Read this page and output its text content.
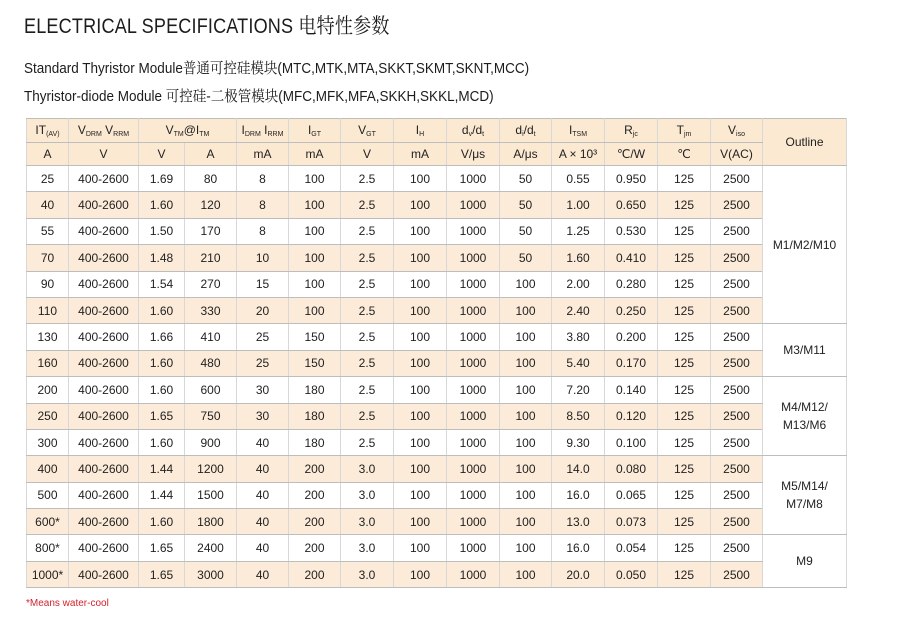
ELECTRICAL SPECIFICATIONS 电特性参数
Standard Thyristor Module普通可控硅模块(MTC,MTK,MTA,SKKT,SKMT,SKNT,MCC)
Thyristor-diode Module 可控硅-二极管模块(MFC,MFK,MFA,SKKH,SKKL,MCD)
$IT_{(AV)}$	$V_{DRM}$ $V_{RRM}$	$V_{TM}@I_{TM}$		$I_{DRM}$ $I_{RRM}$	$I_{GT}$	$V_{GT}$	$I_H$	$d_v/d_t$	$d_i/d_t$	$I_{TSM}$	$R_{jc}$	$T_{jm}$	$V_{iso}$	Outline
A	V	V	A	mA	mA	V	mA	V/μs	A/μs	A × 10³	℃/W	℃	V(AC)	
25	400-2600	1.69	80	8	100	2.5	100	1000	50	0.55	0.950	125	2500	M1/M2/M10
40	400-2600	1.60	120	8	100	2.5	100	1000	50	1.00	0.650	125	2500	
55	400-2600	1.50	170	8	100	2.5	100	1000	50	1.25	0.530	125	2500	
70	400-2600	1.48	210	10	100	2.5	100	1000	50	1.60	0.410	125	2500	
90	400-2600	1.54	270	15	100	2.5	100	1000	100	2.00	0.280	125	2500	
110	400-2600	1.60	330	20	100	2.5	100	1000	100	2.40	0.250	125	2500	
130	400-2600	1.66	410	25	150	2.5	100	1000	100	3.80	0.200	125	2500	M3/M11
160	400-2600	1.60	480	25	150	2.5	100	1000	100	5.40	0.170	125	2500	
200	400-2600	1.60	600	30	180	2.5	100	1000	100	7.20	0.140	125	2500	M4/M12/
M13/M6
250	400-2600	1.65	750	30	180	2.5	100	1000	100	8.50	0.120	125	2500	
300	400-2600	1.60	900	40	180	2.5	100	1000	100	9.30	0.100	125	2500	
400	400-2600	1.44	1200	40	200	3.0	100	1000	100	14.0	0.080	125	2500	M5/M14/
M7/M8
500	400-2600	1.44	1500	40	200	3.0	100	1000	100	16.0	0.065	125	2500	
600*	400-2600	1.60	1800	40	200	3.0	100	1000	100	13.0	0.073	125	2500	
800*	400-2600	1.65	2400	40	200	3.0	100	1000	100	16.0	0.054	125	2500	M9
1000*	400-2600	1.65	3000	40	200	3.0	100	1000	100	20.0	0.050	125	2500	
*Means water-cool
